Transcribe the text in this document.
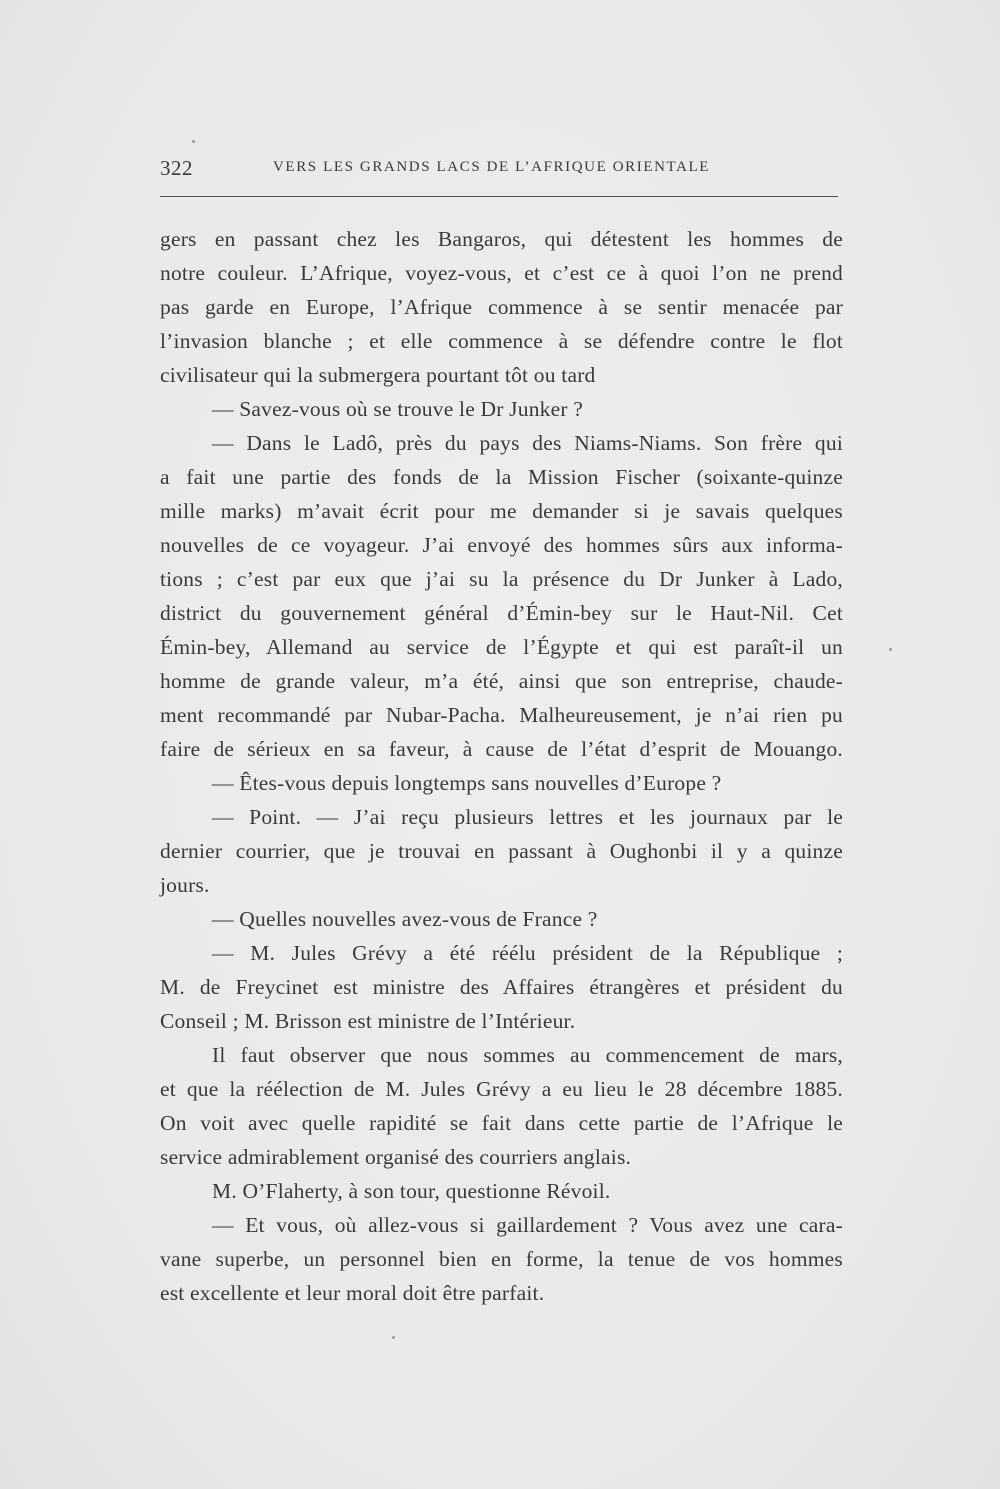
322	VERS LES GRANDS LACS DE L’AFRIQUE ORIENTALE
gers en passant chez les Bangaros, qui détestent les hommes de
notre couleur. L’Afrique, voyez-vous, et c’est ce à quoi l’on ne prend
pas garde en Europe, l’Afrique commence à se sentir menacée par
l’invasion blanche ; et elle commence à se défendre contre le flot
civilisateur qui la submergera pourtant tôt ou tard
— Savez-vous où se trouve le Dr Junker ?
— Dans le Ladô, près du pays des Niams-Niams. Son frère qui
a fait une partie des fonds de la Mission Fischer (soixante-quinze
mille marks) m’avait écrit pour me demander si je savais quelques
nouvelles de ce voyageur. J’ai envoyé des hommes sûrs aux informa-
tions ; c’est par eux que j’ai su la présence du Dr Junker à Lado,
district du gouvernement général d’Émin-bey sur le Haut-Nil. Cet
Émin-bey, Allemand au service de l’Égypte et qui est paraît-il un
homme de grande valeur, m’a été, ainsi que son entreprise, chaude-
ment recommandé par Nubar-Pacha. Malheureusement, je n’ai rien pu
faire de sérieux en sa faveur, à cause de l’état d’esprit de Mouango.
— Êtes-vous depuis longtemps sans nouvelles d’Europe ?
— Point. — J’ai reçu plusieurs lettres et les journaux par le
dernier courrier, que je trouvai en passant à Oughonbi il y a quinze
jours.
— Quelles nouvelles avez-vous de France ?
— M. Jules Grévy a été réélu président de la République ;
M. de Freycinet est ministre des Affaires étrangères et président du
Conseil ; M. Brisson est ministre de l’Intérieur.
Il faut observer que nous sommes au commencement de mars,
et que la réélection de M. Jules Grévy a eu lieu le 28 décembre 1885.
On voit avec quelle rapidité se fait dans cette partie de l’Afrique le
service admirablement organisé des courriers anglais.
M. O’Flaherty, à son tour, questionne Révoil.
— Et vous, où allez-vous si gaillardement ? Vous avez une cara-
vane superbe, un personnel bien en forme, la tenue de vos hommes
est excellente et leur moral doit être parfait.
